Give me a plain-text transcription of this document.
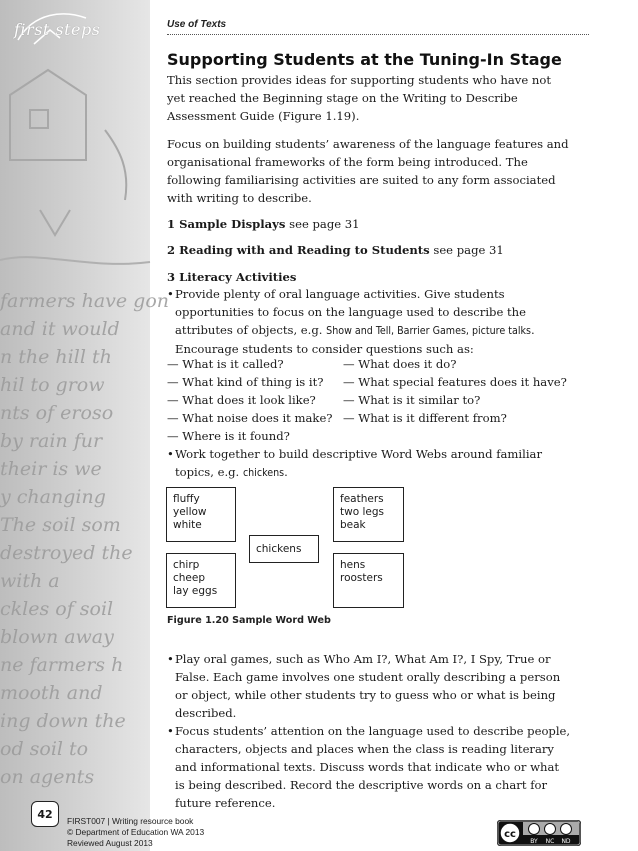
farmers have gon
and it would
n the hill th
hil to grow
nts of eroso
by rain fur
their is we
y changing
The soil som
destroyed the
with a
ckles of soil
blown away
ne farmers h
mooth and
ing down the
od soil to
on agents
first steps	Use of Texts
Supporting Students at the Tuning-In Stage
This section provides ideas for supporting students who have not
yet reached the Beginning stage on the Writing to Describe
Assessment Guide (Figure 1.19).
Focus on building students’ awareness of the language features and
organisational frameworks of the form being introduced. The
following familiarising activities are suited to any form associated
with writing to describe.
1 Sample Displays see page 31
2 Reading with and Reading to Students see page 31
3 Literacy Activities
• Provide plenty of oral language activities. Give students
opportunities to focus on the language used to describe the
attributes of objects, e.g. Show and Tell, Barrier Games, picture talks.
Encourage students to consider questions such as:
— What is it called?	— What does it do?
— What kind of thing is it? — What special features does it have?
— What does it look like? — What is it similar to?
— What noise does it make? — What is it different from?
— Where is it found?
• Work together to build descriptive Word Webs around familiar
topics, e.g. chickens.
fluffy
yellow
white
feathers
two legs
beak
chickens
chirp
cheep
lay eggs
hens
roosters
Figure 1.20 Sample Word Web
• Play oral games, such as Who Am I?, What Am I?, I Spy, True or
False. Each game involves one student orally describing a person
or object, while other students try to guess who or what is being
described.
• Focus students’ attention on the language used to describe people,
characters, objects and places when the class is reading literary
and informational texts. Discuss words that indicate who or what
is being described. Record the descriptive words on a chart for
future reference.
42	FIRST007 | Writing resource book
© Department of Education WA 2013
Reviewed August 2013
cc
BY NC ND
